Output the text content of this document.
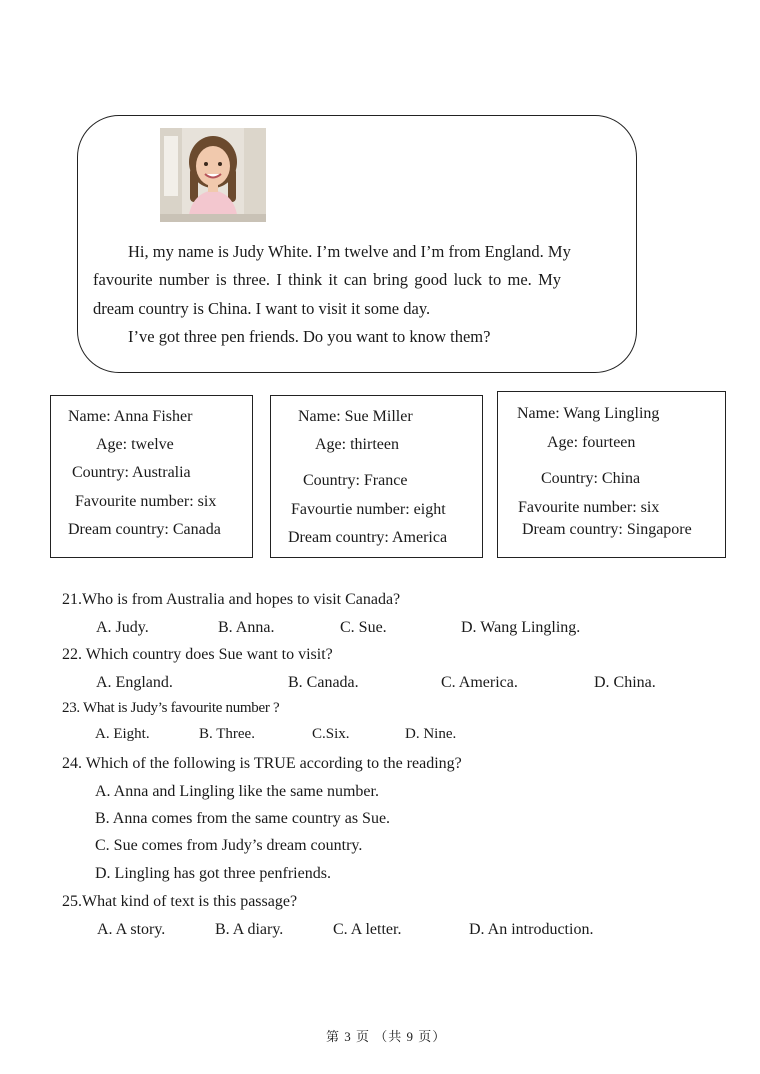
Hi, my name is Judy White. I’m twelve and I’m from England. My
favourite number is three. I think it can bring good luck to me. My
dream country is China. I want to visit it some day.
I’ve got three pen friends. Do you want to know them?
Name: Anna Fisher
Age: twelve
Country: Australia
Favourite number: six
Dream country: Canada
Name: Sue Miller
Age: thirteen
Country: France
Favourtie number: eight
Dream country: America
Name: Wang Lingling
Age: fourteen
Country: China
Favourite number: six
Dream country: Singapore
21.Who is from Australia and hopes to visit Canada?
A. Judy.	B. Anna.	C. Sue.	D. Wang Lingling.
22. Which country does Sue want to visit?
A. England.	B. Canada.	C. America.	D. China.
23. What is Judy’s favourite number ?
A. Eight.	B. Three.	C.Six.	D. Nine.
24. Which of the following is TRUE according to the reading?
A. Anna and Lingling like the same number.
B. Anna comes from the same country as Sue.
C. Sue comes from Judy’s dream country.
D. Lingling has got three penfriends.
25.What kind of text is this passage?
A. A story.	B. A diary.	C. A letter.	D. An introduction.
第 3 页 （共 9 页）
